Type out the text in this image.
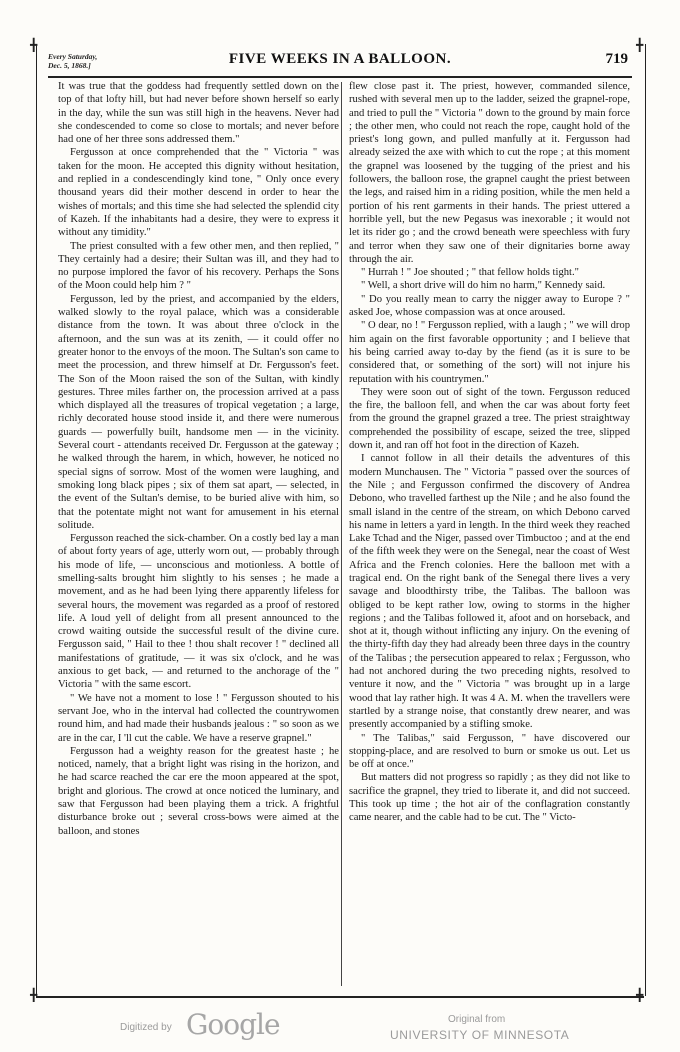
╋	╋
╋	╋
Every Saturday,
Dec. 5, 1868.]	FIVE WEEKS IN A BALLOON.	719

It was true that the goddess had frequently settled down on the top of that lofty hill, but had never before shown herself so early in the day, while the sun was still high in the heavens. Never had she condescended to come so close to mortals; and never before had one of her three sons addressed them."

Fergusson at once comprehended that the " Victoria " was taken for the moon. He accepted this dignity without hesitation, and replied in a condescendingly kind tone, " Only once every thousand years did their mother descend in order to hear the wishes of mortals; and this time she had selected the splendid city of Kazeh. If the inhabitants had a desire, they were to express it without any timidity."

The priest consulted with a few other men, and then replied, " They certainly had a desire; their Sultan was ill, and they had to no purpose implored the favor of his recovery. Perhaps the Sons of the Moon could help him ? "

Fergusson, led by the priest, and accompanied by the elders, walked slowly to the royal palace, which was a considerable distance from the town. It was about three o'clock in the afternoon, and the sun was at its zenith, — it could offer no greater honor to the envoys of the moon. The Sultan's son came to meet the procession, and threw himself at Dr. Fergusson's feet. The Son of the Moon raised the son of the Sultan, with kindly gestures. Three miles farther on, the procession arrived at a pass which displayed all the treasures of tropical vegetation ; a large, richly decorated house stood inside it, and there were numerous guards — powerfully built, handsome men — in the vicinity. Several court - attendants received Dr. Fergusson at the gateway ; he walked through the harem, in which, however, he noticed no special signs of sorrow. Most of the women were laughing, and smoking long black pipes ; six of them sat apart, — selected, in the event of the Sultan's demise, to be buried alive with him, so that the potentate might not want for amusement in his eternal solitude.

Fergusson reached the sick-chamber. On a costly bed lay a man of about forty years of age, utterly worn out, — probably through his mode of life, — unconscious and motionless. A bottle of smelling-salts brought him slightly to his senses ; he made a movement, and as he had been lying there apparently lifeless for several hours, the movement was regarded as a proof of restored life. A loud yell of delight from all present announced to the crowd waiting outside the successful result of the divine cure. Fergusson said, " Hail to thee ! thou shalt recover ! " declined all manifestations of gratitude, — it was six o'clock, and he was anxious to get back, — and returned to the anchorage of the " Victoria " with the same escort.

" We have not a moment to lose ! " Fergusson shouted to his servant Joe, who in the interval had collected the countrywomen round him, and had made their husbands jealous : " so soon as we are in the car, I 'll cut the cable. We have a reserve grapnel."

Fergusson had a weighty reason for the greatest haste ; he noticed, namely, that a bright light was rising in the horizon, and he had scarce reached the car ere the moon appeared at the spot, bright and glorious. The crowd at once noticed the luminary, and saw that Fergusson had been playing them a trick. A frightful disturbance broke out ; several cross-bows were aimed at the balloon, and stones

flew close past it. The priest, however, commanded silence, rushed with several men up to the ladder, seized the grapnel-rope, and tried to pull the " Victoria " down to the ground by main force ; the other men, who could not reach the rope, caught hold of the priest's long gown, and pulled manfully at it. Fergusson had already seized the axe with which to cut the rope ; at this moment the grapnel was loosened by the tugging of the priest and his followers, the balloon rose, the grapnel caught the priest between the legs, and raised him in a riding position, while the men held a portion of his rent garments in their hands. The priest uttered a horrible yell, but the new Pegasus was inexorable ; it would not let its rider go ; and the crowd beneath were speechless with fury and terror when they saw one of their dignitaries borne away through the air.

" Hurrah ! " Joe shouted ; " that fellow holds tight."

" Well, a short drive will do him no harm," Kennedy said.

" Do you really mean to carry the nigger away to Europe ? " asked Joe, whose compassion was at once aroused.

" O dear, no ! " Fergusson replied, with a laugh ; " we will drop him again on the first favorable opportunity ; and I believe that his being carried away to-day by the fiend (as it is sure to be considered that, or something of the sort) will not injure his reputation with his countrymen."

They were soon out of sight of the town. Fergusson reduced the fire, the balloon fell, and when the car was about forty feet from the ground the grapnel grazed a tree. The priest straightway comprehended the possibility of escape, seized the tree, slipped down it, and ran off hot foot in the direction of Kazeh.

I cannot follow in all their details the adventures of this modern Munchausen. The " Victoria " passed over the sources of the Nile ; and Fergusson confirmed the discovery of Andrea Debono, who travelled farthest up the Nile ; and he also found the small island in the centre of the stream, on which Debono carved his name in letters a yard in length. In the third week they reached Lake Tchad and the Niger, passed over Timbuctoo ; and at the end of the fifth week they were on the Senegal, near the coast of West Africa and the French colonies. Here the balloon met with a tragical end. On the right bank of the Senegal there lives a very savage and bloodthirsty tribe, the Talibas. The balloon was obliged to be kept rather low, owing to storms in the higher regions ; and the Talibas followed it, afoot and on horseback, and shot at it, though without inflicting any injury. On the evening of the thirty-fifth day they had already been three days in the country of the Talibas ; the persecution appeared to relax ; Fergusson, who had not anchored during the two preceding nights, resolved to venture it now, and the " Victoria " was brought up in a large wood that lay rather high. It was 4 A. M. when the travellers were startled by a strange noise, that constantly drew nearer, and was presently accompanied by a stifling smoke.

" The Talibas," said Fergusson, " have discovered our stopping-place, and are resolved to burn or smoke us out. Let us be off at once."

But matters did not progress so rapidly ; as they did not like to sacrifice the grapnel, they tried to liberate it, and did not succeed. This took up time ; the hot air of the conflagration constantly came nearer, and the cable had to be cut. The " Victo-

Digitized by Google	Original from
UNIVERSITY OF MINNESOTA
